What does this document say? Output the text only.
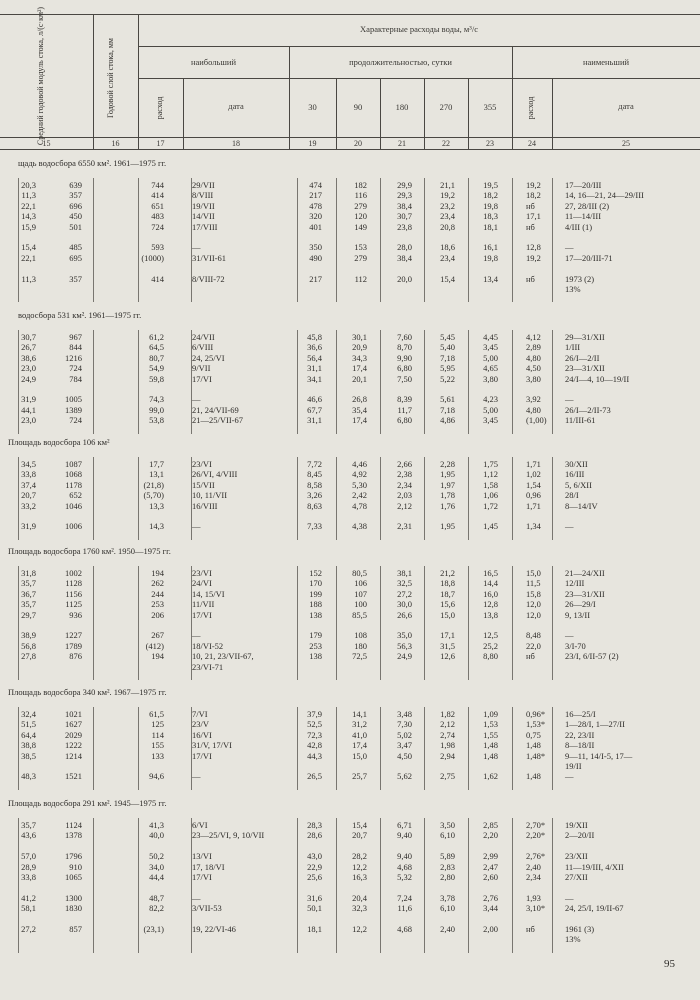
Средний годовой модуль стока, л/(с·км²)	Годовой слой стока, мм
Характерные расходы воды, м³/с
наибольший	продолжительностью, сутки	наименьший
расход	дата	30	90	180	270	355	расход	дата
15	16	17	18	19	20	21	22	23	24	25
щадь водосбора 6550 км². 1961—1975 гг.
20,3	639	744	29/VII	474	182	29,9	21,1	19,5	19,2	17—20/III
11,3	357	414	8/VIII	217	116	29,3	19,2	18,2	18,2	14, 16—21, 24—29/III
22,1	696	651	19/VII	478	279	38,4	23,2	19,8	нб	27, 28/III (2)
14,3	450	483	14/VII	320	120	30,7	23,4	18,3	17,1	11—14/III
15,9	501	724	17/VIII	401	149	23,8	20,8	18,1	нб	4/III (1)
15,4	485	593	—	350	153	28,0	18,6	16,1	12,8	—
22,1	695	(1000)	31/VII-61	490	279	38,4	23,4	19,8	19,2	17—20/III-71
11,3	357	414	8/VIII-72	217	112	20,0	15,4	13,4	нб	1973 (2)
13%
водосбора 531 км². 1961—1975 гг.
30,7	967	61,2	24/VII	45,8	30,1	7,60	5,45	4,45	4,12	29—31/XII
26,7	844	64,5	6/VIII	36,6	20,9	8,70	5,40	3,45	2,89	1/III
38,6	1216	80,7	24, 25/VI	56,4	34,3	9,90	7,18	5,00	4,80	26/I—2/II
23,0	724	54,9	9/VII	31,1	17,4	6,80	5,95	4,65	4,50	23—31/XII
24,9	784	59,8	17/VI	34,1	20,1	7,50	5,22	3,80	3,80	24/I—4, 10—19/II
31,9	1005	74,3	—	46,6	26,8	8,39	5,61	4,23	3,92	—
44,1	1389	99,0	21, 24/VII-69	67,7	35,4	11,7	7,18	5,00	4,80	26/I—2/II-73
23,0	724	53,8	21—25/VII-67	31,1	17,4	6,80	4,86	3,45	(1,00) 11/III-61
Площадь водосбора 106 км²
34,5	1087	17,7	23/VI	7,72	4,46	2,66	2,28	1,75	1,71	30/XII
33,8	1068	13,1	26/VI, 4/VIII	8,45	4,92	2,38	1,95	1,12	1,02	16/III
37,4	1178	(21,8)	15/VII	8,58	5,30	2,34	1,97	1,58	1,54	5, 6/XII
20,7	652	(5,70)	10, 11/VII	3,26	2,42	2,03	1,78	1,06	0,96	28/I
33,2	1046	13,3	16/VIII	8,63	4,78	2,12	1,76	1,72	1,71	8—14/IV
31,9	1006	14,3	—	7,33	4,38	2,31	1,95	1,45	1,34	—
Площадь водосбора 1760 км². 1950—1975 гг.
31,8	1002	194	23/VI	152	80,5	38,1	21,2	16,5	15,0	21—24/XII
35,7	1128	262	24/VI	170	106	32,5	18,8	14,4	11,5	12/III
36,7	1156	244	14, 15/VI	199	107	27,2	18,7	16,0	15,8	23—31/XII
35,7	1125	253	11/VII	188	100	30,0	15,6	12,8	12,0	26—29/I
29,7	936	206	17/VI	138	85,5	26,6	15,0	13,8	12,0	9, 13/II
38,9	1227	267	—	179	108	35,0	17,1	12,5	8,48	—
56,8	1789	(412)	18/VI-52	253	180	56,3	31,5	25,2	22,0	3/I-70
27,8	876	194	10, 21, 23/VII-67,	138	72,5	24,9	12,6	8,80	нб	23/I, 6/II-57 (2)
23/VI-71
Площадь водосбора 340 км². 1967—1975 гг.
32,4	1021	61,5	7/VI	37,9	14,1	3,48	1,82	1,09	0,96* 16—25/I
51,5	1627	125	23/V	52,5	31,2	7,30	2,12	1,53	1,53* 1—28/I, 1—27/II
64,4	2029	114	16/VI	72,3	41,0	5,02	2,74	1,55	0,75	22, 23/II
38,8	1222	155	31/V, 17/VI	42,8	17,4	3,47	1,98	1,48	1,48	8—18/II
38,5	1214	133	17/VI	44,3	15,0	4,50	2,94	1,48	1,48* 9—11, 14/I-5, 17—
19/II
48,3	1521	94,6	—	26,5	25,7	5,62	2,75	1,62	1,48	—
Площадь водосбора 291 км². 1945—1975 гг.
35,7	1124	41,3	6/VI	28,3	15,4	6,71	3,50	2,85	2,70* 19/XII
43,6	1378	40,0	23—25/VI, 9, 10/VII	28,6	20,7	9,40	6,10	2,20	2,20* 2—20/II
57,0	1796	50,2	13/VI	43,0	28,2	9,40	5,89	2,99	2,76* 23/XII
28,9	910	34,0	17, 18/VI	22,9	12,2	4,68	2,83	2,47	2,40	11—19/III, 4/XII
33,8	1065	44,4	17/VI	25,6	16,3	5,32	2,80	2,60	2,34	27/XII
41,2	1300	48,7	—	31,6	20,4	7,24	3,78	2,76	1,93	—
58,1	1830	82,2	3/VII-53	50,1	32,3	11,6	6,10	3,44	3,10* 24, 25/I, 19/II-67
27,2	857	(23,1)	19, 22/VI-46	18,1	12,2	4,68	2,40	2,00	нб	1961 (3)
13%
95
